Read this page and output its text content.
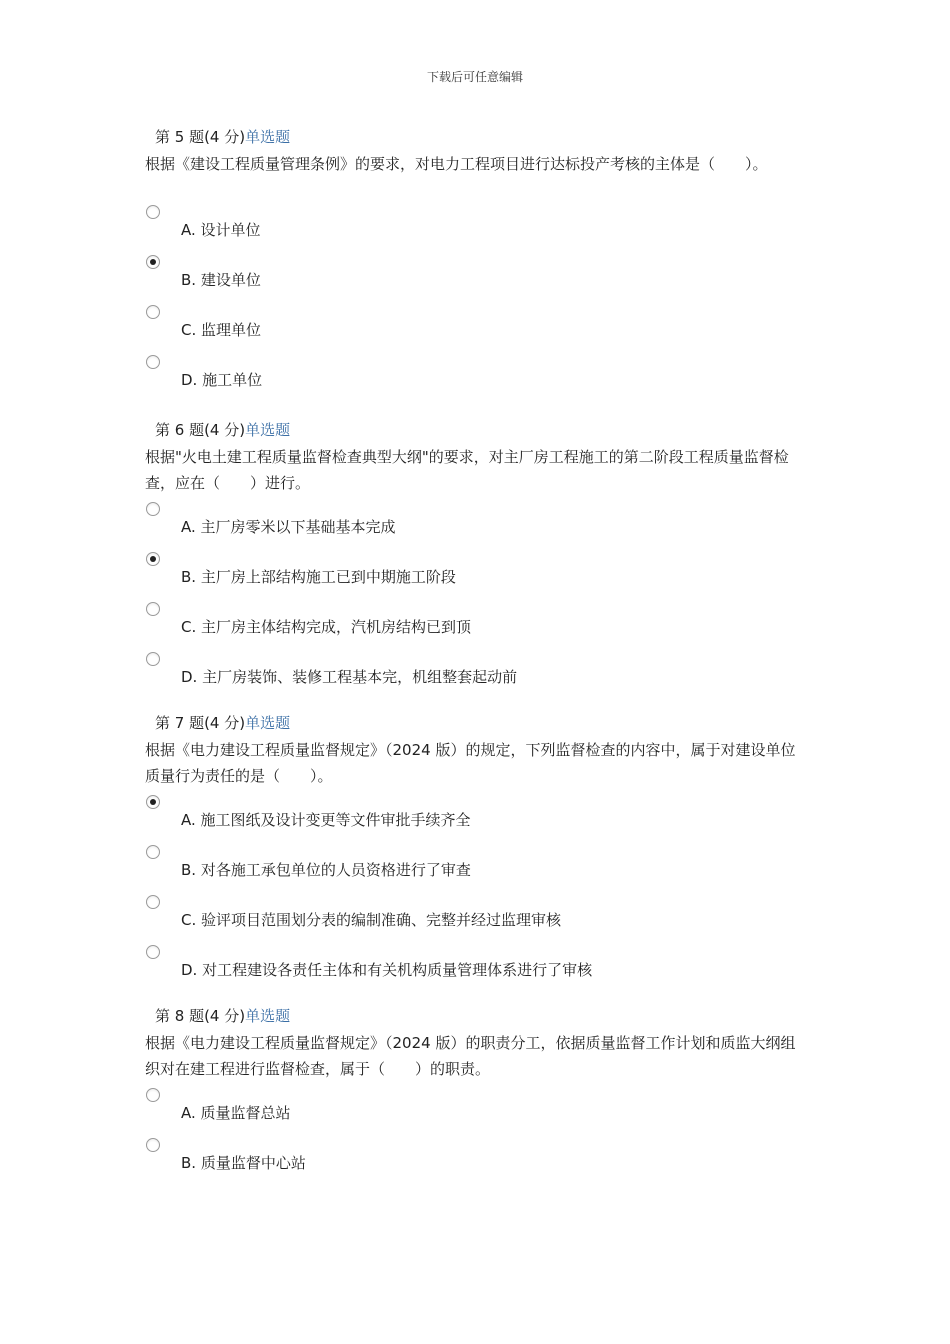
下载后可任意编辑
第 5 题(4 分)单选题
根据《建设工程质量管理条例》的要求，对电力工程项目进行达标投产考核的主体是（　　）。
A. 设计单位
B. 建设单位
C. 监理单位
D. 施工单位
第 6 题(4 分)单选题
根据"火电土建工程质量监督检查典型大纲"的要求，对主厂房工程施工的第二阶段工程质量监督检查，应在（　　）进行。
A. 主厂房零米以下基础基本完成
B. 主厂房上部结构施工已到中期施工阶段
C. 主厂房主体结构完成，汽机房结构已到顶
D. 主厂房装饰、装修工程基本完，机组整套起动前
第 7 题(4 分)单选题
根据《电力建设工程质量监督规定》（2024 版）的规定，下列监督检查的内容中，属于对建设单位质量行为责任的是（　　）。
A. 施工图纸及设计变更等文件审批手续齐全
B. 对各施工承包单位的人员资格进行了审查
C. 验评项目范围划分表的编制准确、完整并经过监理审核
D. 对工程建设各责任主体和有关机构质量管理体系进行了审核
第 8 题(4 分)单选题
根据《电力建设工程质量监督规定》（2024 版）的职责分工，依据质量监督工作计划和质监大纲组织对在建工程进行监督检查，属于（　　）的职责。
A. 质量监督总站
B. 质量监督中心站
